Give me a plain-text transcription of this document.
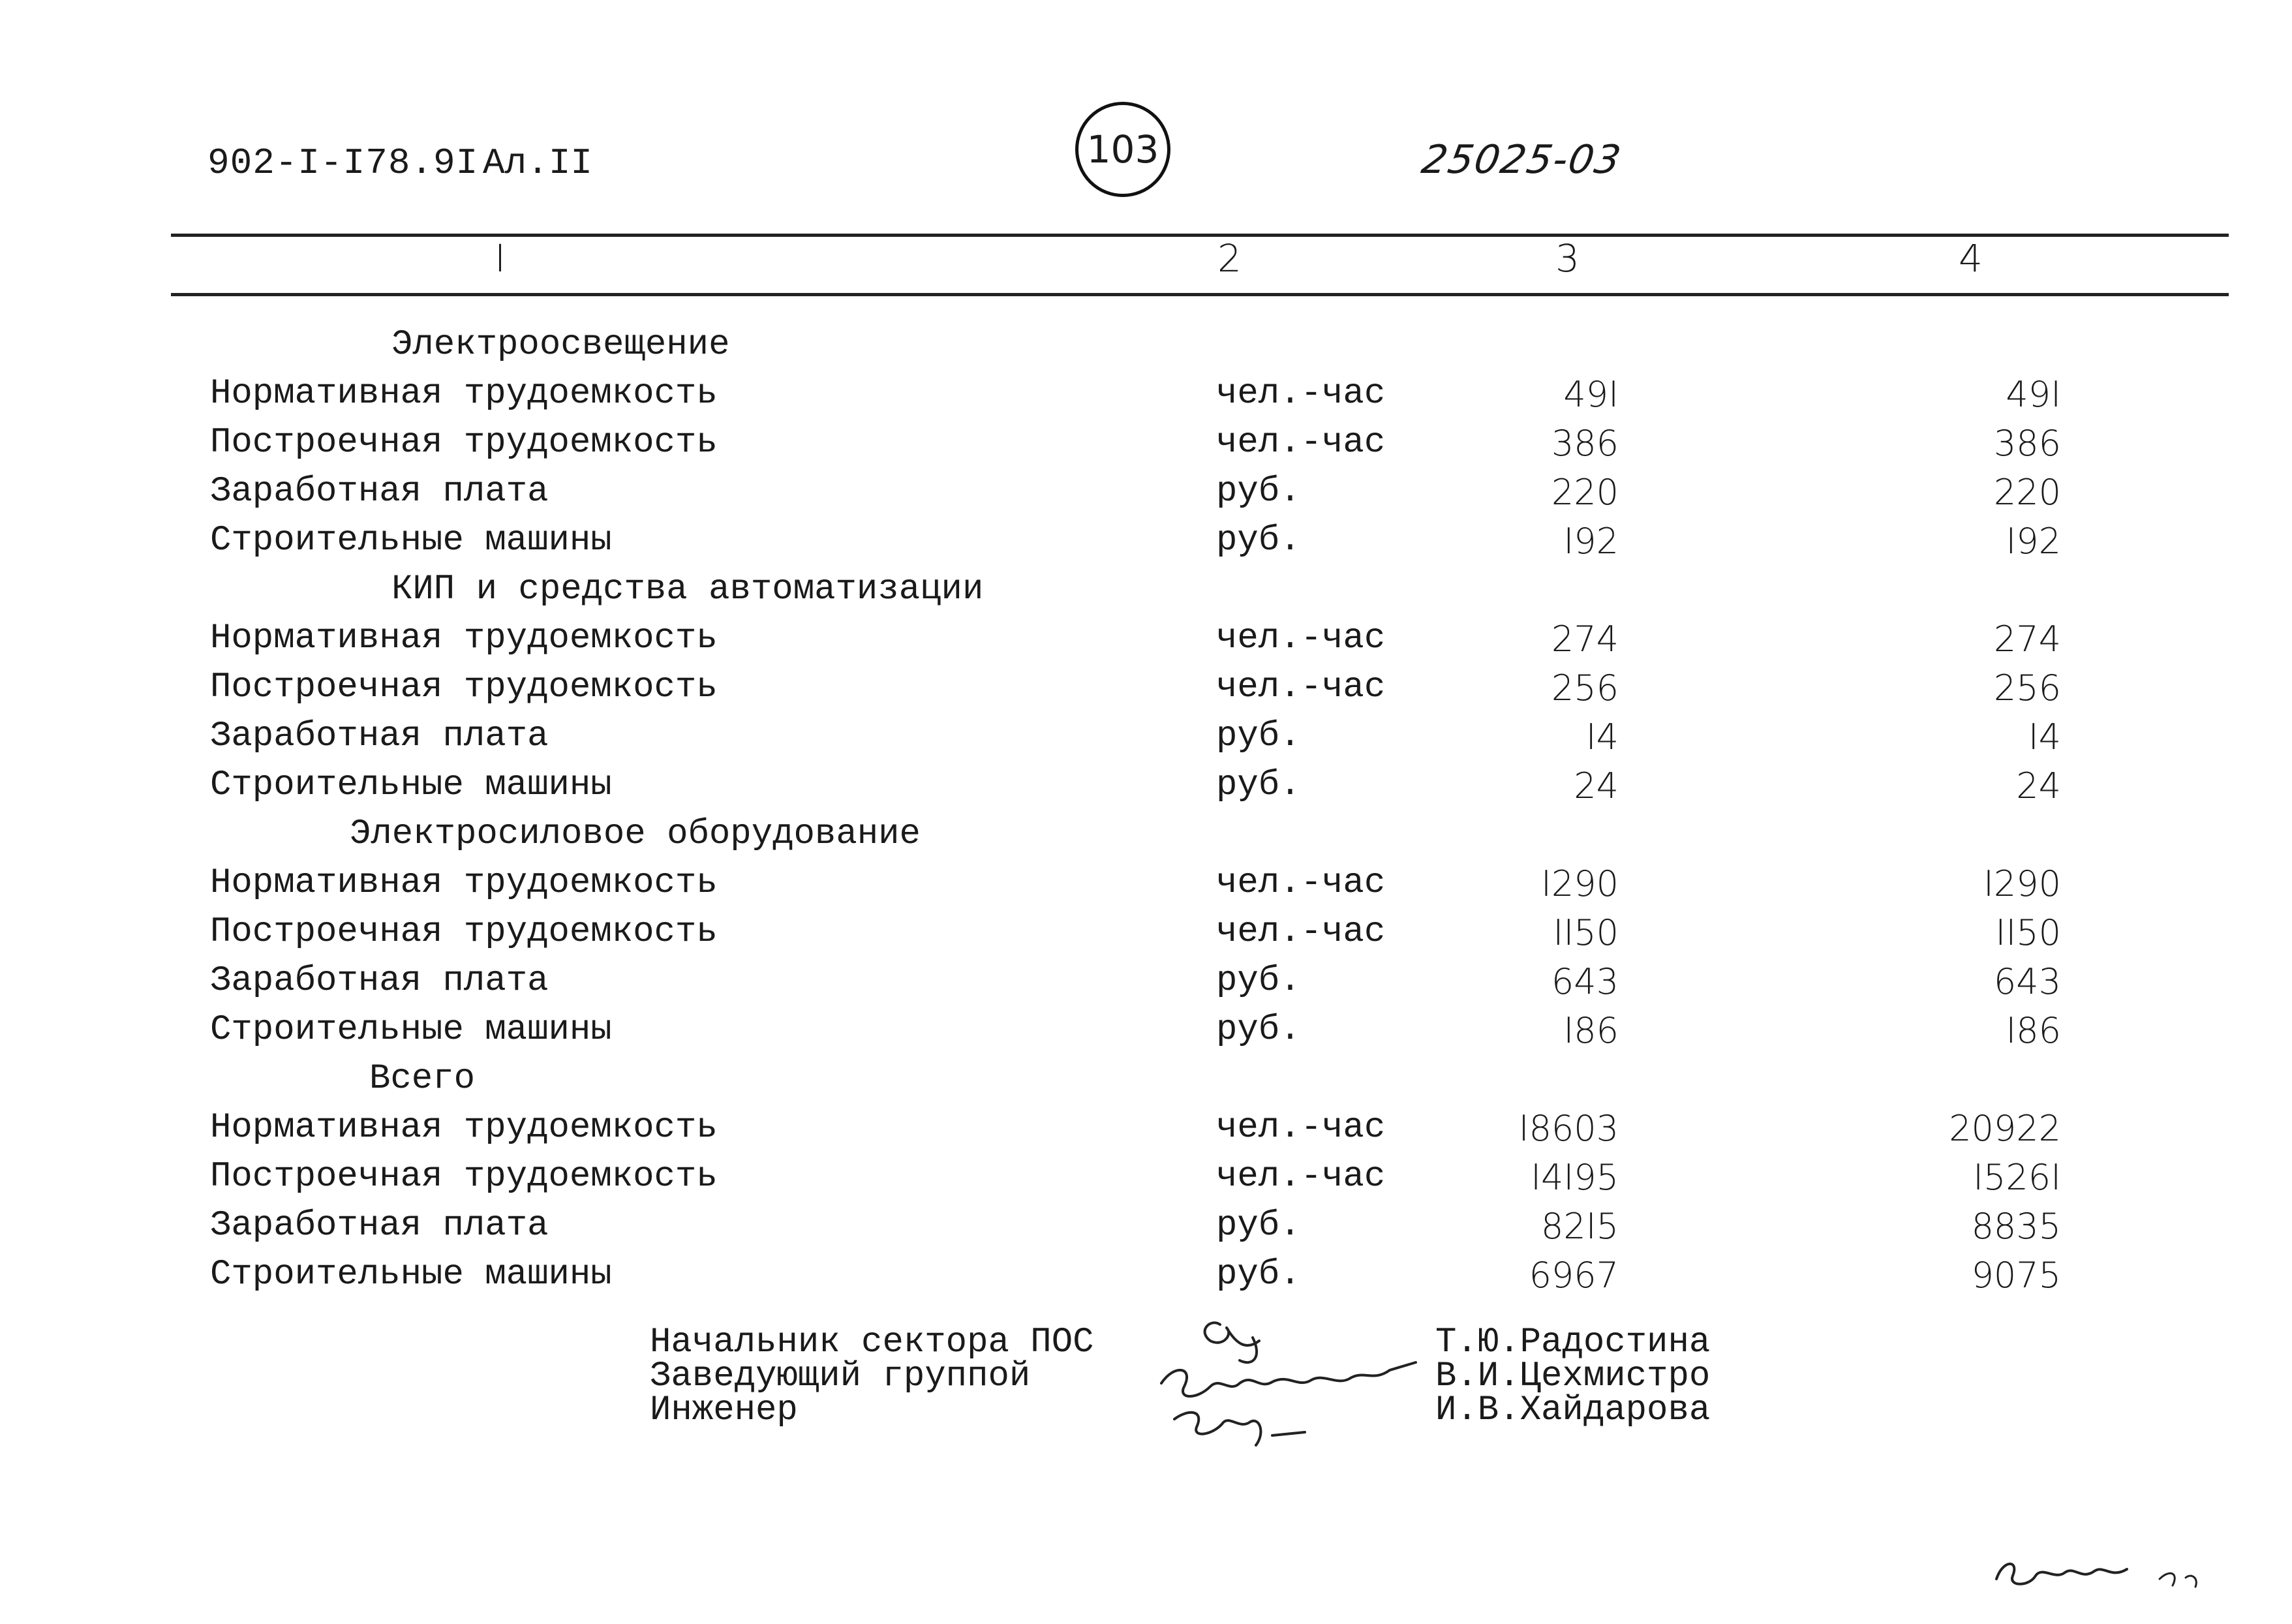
902-I-I78.9I Ал.II	103	25025-03
I	2	3	4
Электроосвещение
Нормативная трудоемкость	чел.-час	49I	49I
Построечная трудоемкость	чел.-час	386	386
Заработная плата	руб.	220	220
Строительные машины	руб.	I92	I92
КИП и средства автоматизации
Нормативная трудоемкость	чел.-час	274	274
Построечная трудоемкость	чел.-час	256	256
Заработная плата	руб.	I4	I4
Строительные машины	руб.	24	24
Электросиловое оборудование
Нормативная трудоемкость	чел.-час	I290	I290
Построечная трудоемкость	чел.-час	II50	II50
Заработная плата	руб.	643	643
Строительные машины	руб.	I86	I86
Всего
Нормативная трудоемкость	чел.-час	I8603	20922
Построечная трудоемкость	чел.-час	I4I95	I526I
Заработная плата	руб.	82I5	8835
Строительные машины	руб.	6967	9075
Начальник сектора ПОС
Заведующий группой
Инженер
Т.Ю.Радостина
В.И.Цехмистро
И.В.Хайдарова
